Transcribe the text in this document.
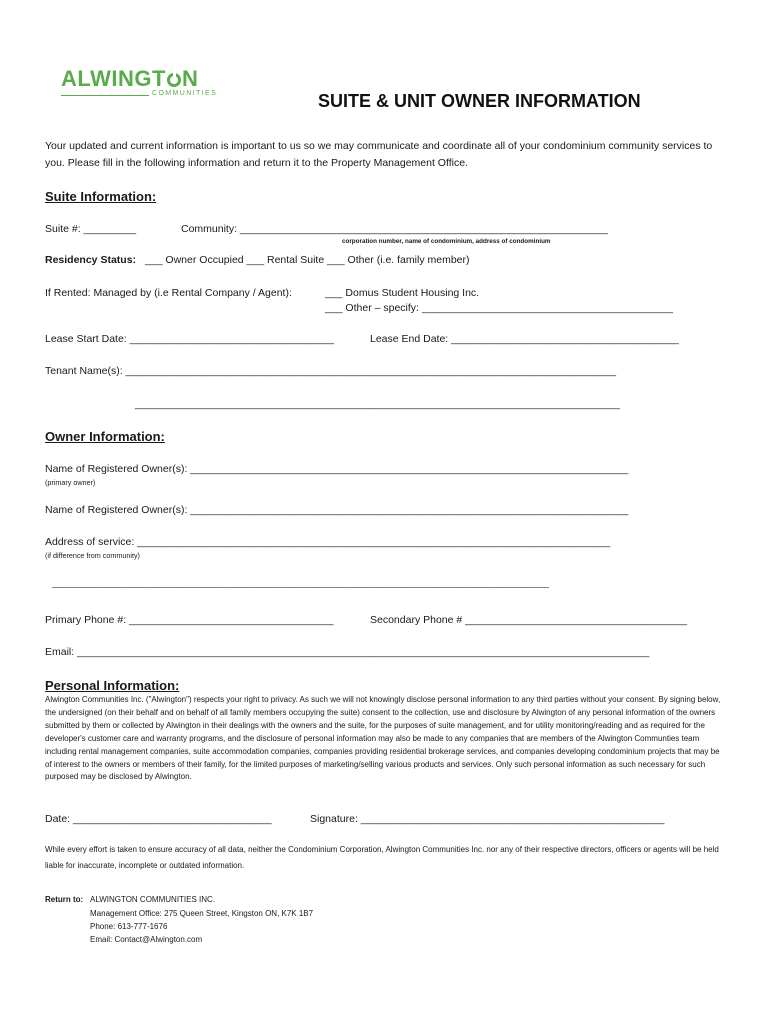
ALWINGT N
COMMUNITIES	SUITE & UNIT OWNER INFORMATION
Your updated and current information is important to us so we may communicate and coordinate all of your condominium community services to you. Please fill in the following information and return it to the Property Management Office.
Suite Information:
Suite #: _________	Community: _______________________________________________________________
corporation number, name of condominium, address of condominium
Residency Status: ___ Owner Occupied ___ Rental Suite ___ Other (i.e. family member)
If Rented: Managed by (i.e Rental Company / Agent):	___ Domus Student Housing Inc.
___ Other – specify: ___________________________________________
Lease Start Date: ___________________________________	Lease End Date: _______________________________________
Tenant Name(s): ____________________________________________________________________________________
___________________________________________________________________________________
Owner Information:
Name of Registered Owner(s): ___________________________________________________________________________
(primary owner)
Name of Registered Owner(s): ___________________________________________________________________________
Address of service: _________________________________________________________________________________
(if difference from community)
________________________________________________________________________________________________________
Primary Phone #: ___________________________________	Secondary Phone # ______________________________________
Email: __________________________________________________________________________________________________
Personal Information:
Alwington Communities Inc. ("Alwington") respects your right to privacy. As such we will not knowingly disclose personal information to any third parties without your consent. By signing below, the undersigned (on their behalf and on behalf of all family members occupying the suite) consent to the collection, use and disclosure by Alwington of any personal information of the owners submitted by them or collected by Alwington in their dealings with the owners and the suite, for the purposes of suite management, and for utility monitoring/reading and as required for the developer's customer care and warranty programs, and the disclosure of personal information may also be made to any companies that are members of the Alwington Communties team including rental management companies, suite accommodation companies, companies providing residential brokerage services, and companies developing condominium projects that may be of interest to the owners or members of their family, for the limited purposes of marketing/selling various products and services. Only such personal information as such necessary for such purposed may be disclosed by Alwington.
Date: __________________________________	Signature: ____________________________________________________
While every effort is taken to ensure accuracy of all data, neither the Condominium Corporation, Alwington Communities Inc. nor any of their respective directors, officers or agents will be held liable for inaccurate, incomplete or outdated information.
Return to: ALWINGTON COMMUNITIES INC.
Management Office: 275 Queen Street, Kingston ON, K7K 1B7
Phone: 613-777-1676
Email: Contact@Alwington.com
